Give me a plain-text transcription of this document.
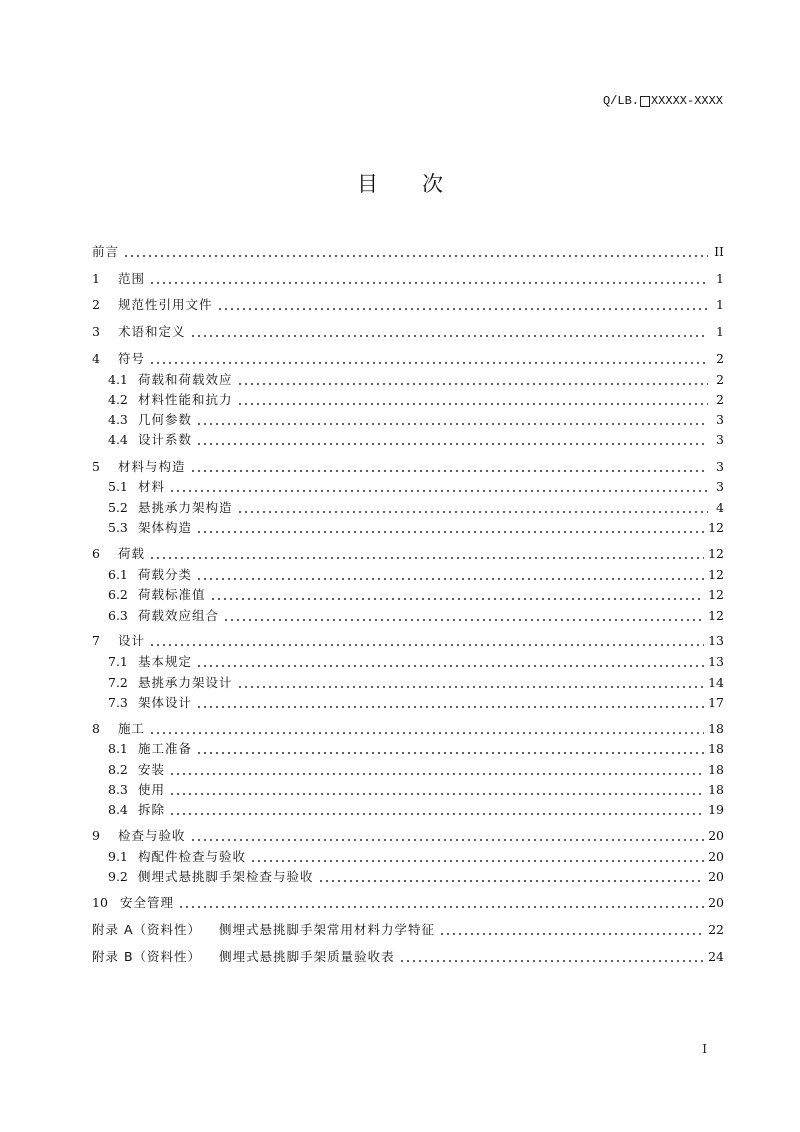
Q/LB. XXXXX-XXXX
目 次
前言	II
1	范围	1
2	规范性引用文件	1
3	术语和定义	1
4	符号	2
4.1 荷载和荷载效应	2
4.2 材料性能和抗力	2
4.3 几何参数	3
4.4 设计系数	3
5	材料与构造	3
5.1 材料	3
5.2 悬挑承力架构造	4
5.3 架体构造	12
6	荷载	12
6.1 荷载分类	12
6.2 荷载标准值	12
6.3 荷载效应组合	12
7	设计	13
7.1 基本规定	13
7.2 悬挑承力架设计	14
7.3 架体设计	17
8	施工	18
8.1 施工准备	18
8.2 安装	18
8.3 使用	18
8.4 拆除	19
9	检查与验收	20
9.1 构配件检查与验收	20
9.2 侧埋式悬挑脚手架检查与验收	20
10 安全管理	20
附录 A（资料性） 侧埋式悬挑脚手架常用材料力学特征	22
附录 B（资料性） 侧埋式悬挑脚手架质量验收表	24
I
